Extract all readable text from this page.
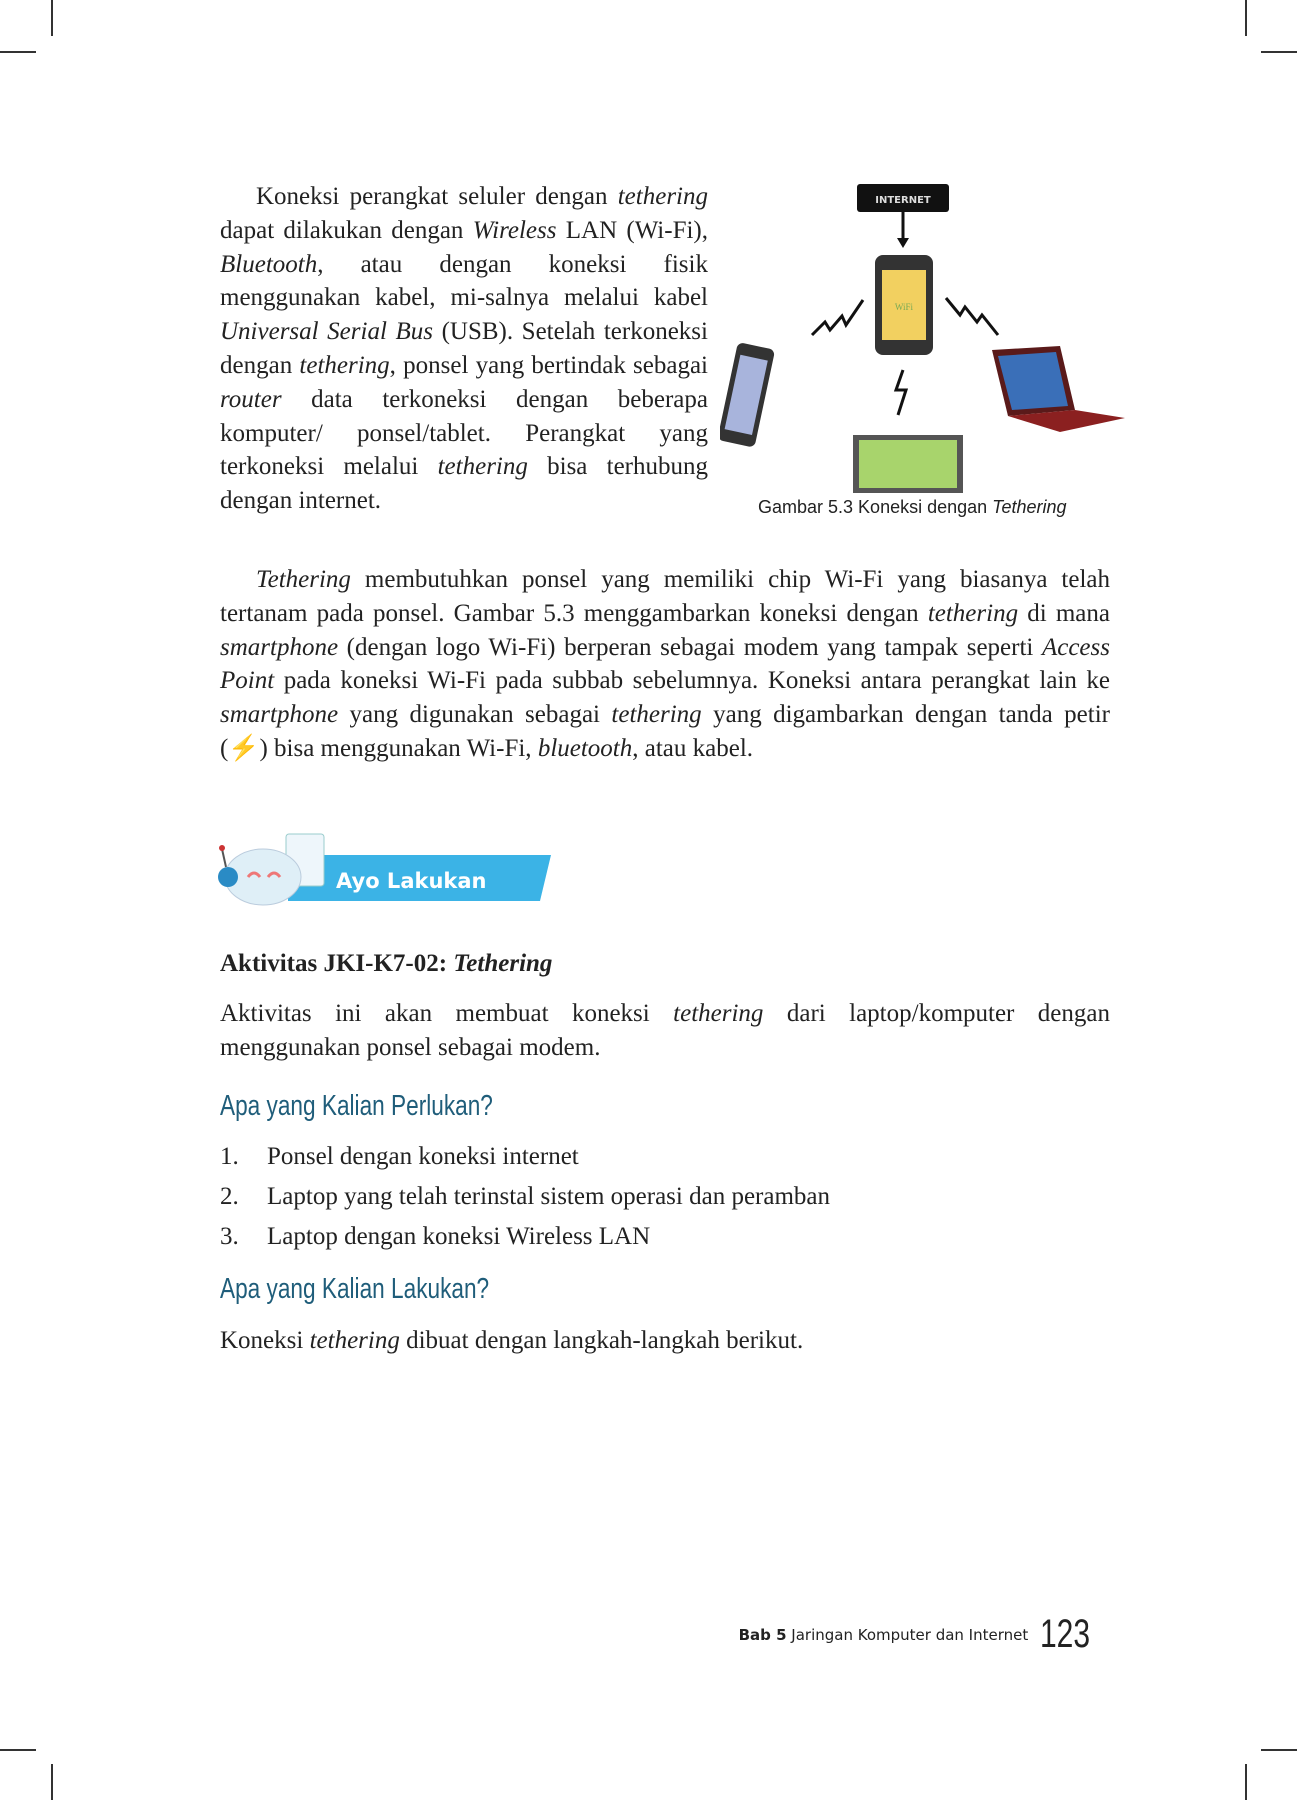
Koneksi perangkat seluler dengan tethering dapat dilakukan dengan Wireless LAN (Wi-Fi), Bluetooth, atau dengan koneksi fisik menggunakan kabel, mi-salnya melalui kabel Universal Serial Bus (USB). Setelah terkoneksi dengan tethering, ponsel yang bertindak sebagai router data terkoneksi dengan beberapa komputer/ ponsel/tablet. Perangkat yang terkoneksi melalui tethering bisa terhubung dengan internet.

INTERNET
WiFi
Gambar 5.3 Koneksi dengan Tethering

Tethering membutuhkan ponsel yang memiliki chip Wi-Fi yang biasanya telah tertanam pada ponsel. Gambar 5.3 menggambarkan koneksi dengan tethering di mana smartphone (dengan logo Wi-Fi) berperan sebagai modem yang tampak seperti Access Point pada koneksi Wi-Fi pada subbab sebelumnya. Koneksi antara perangkat lain ke smartphone yang digunakan sebagai tethering yang digambarkan dengan tanda petir (⚡) bisa menggunakan Wi-Fi, bluetooth, atau kabel.

Ayo Lakukan
Aktivitas JKI-K7-02: Tethering

Aktivitas ini akan membuat koneksi tethering dari laptop/komputer dengan menggunakan ponsel sebagai modem.

Apa yang Kalian Perlukan?
1.	Ponsel dengan koneksi internet
2.	Laptop yang telah terinstal sistem operasi dan peramban
3.	Laptop dengan koneksi Wireless LAN
Apa yang Kalian Lakukan?

Koneksi tethering dibuat dengan langkah-langkah berikut.

Bab 5 Jaringan Komputer dan Internet 123
